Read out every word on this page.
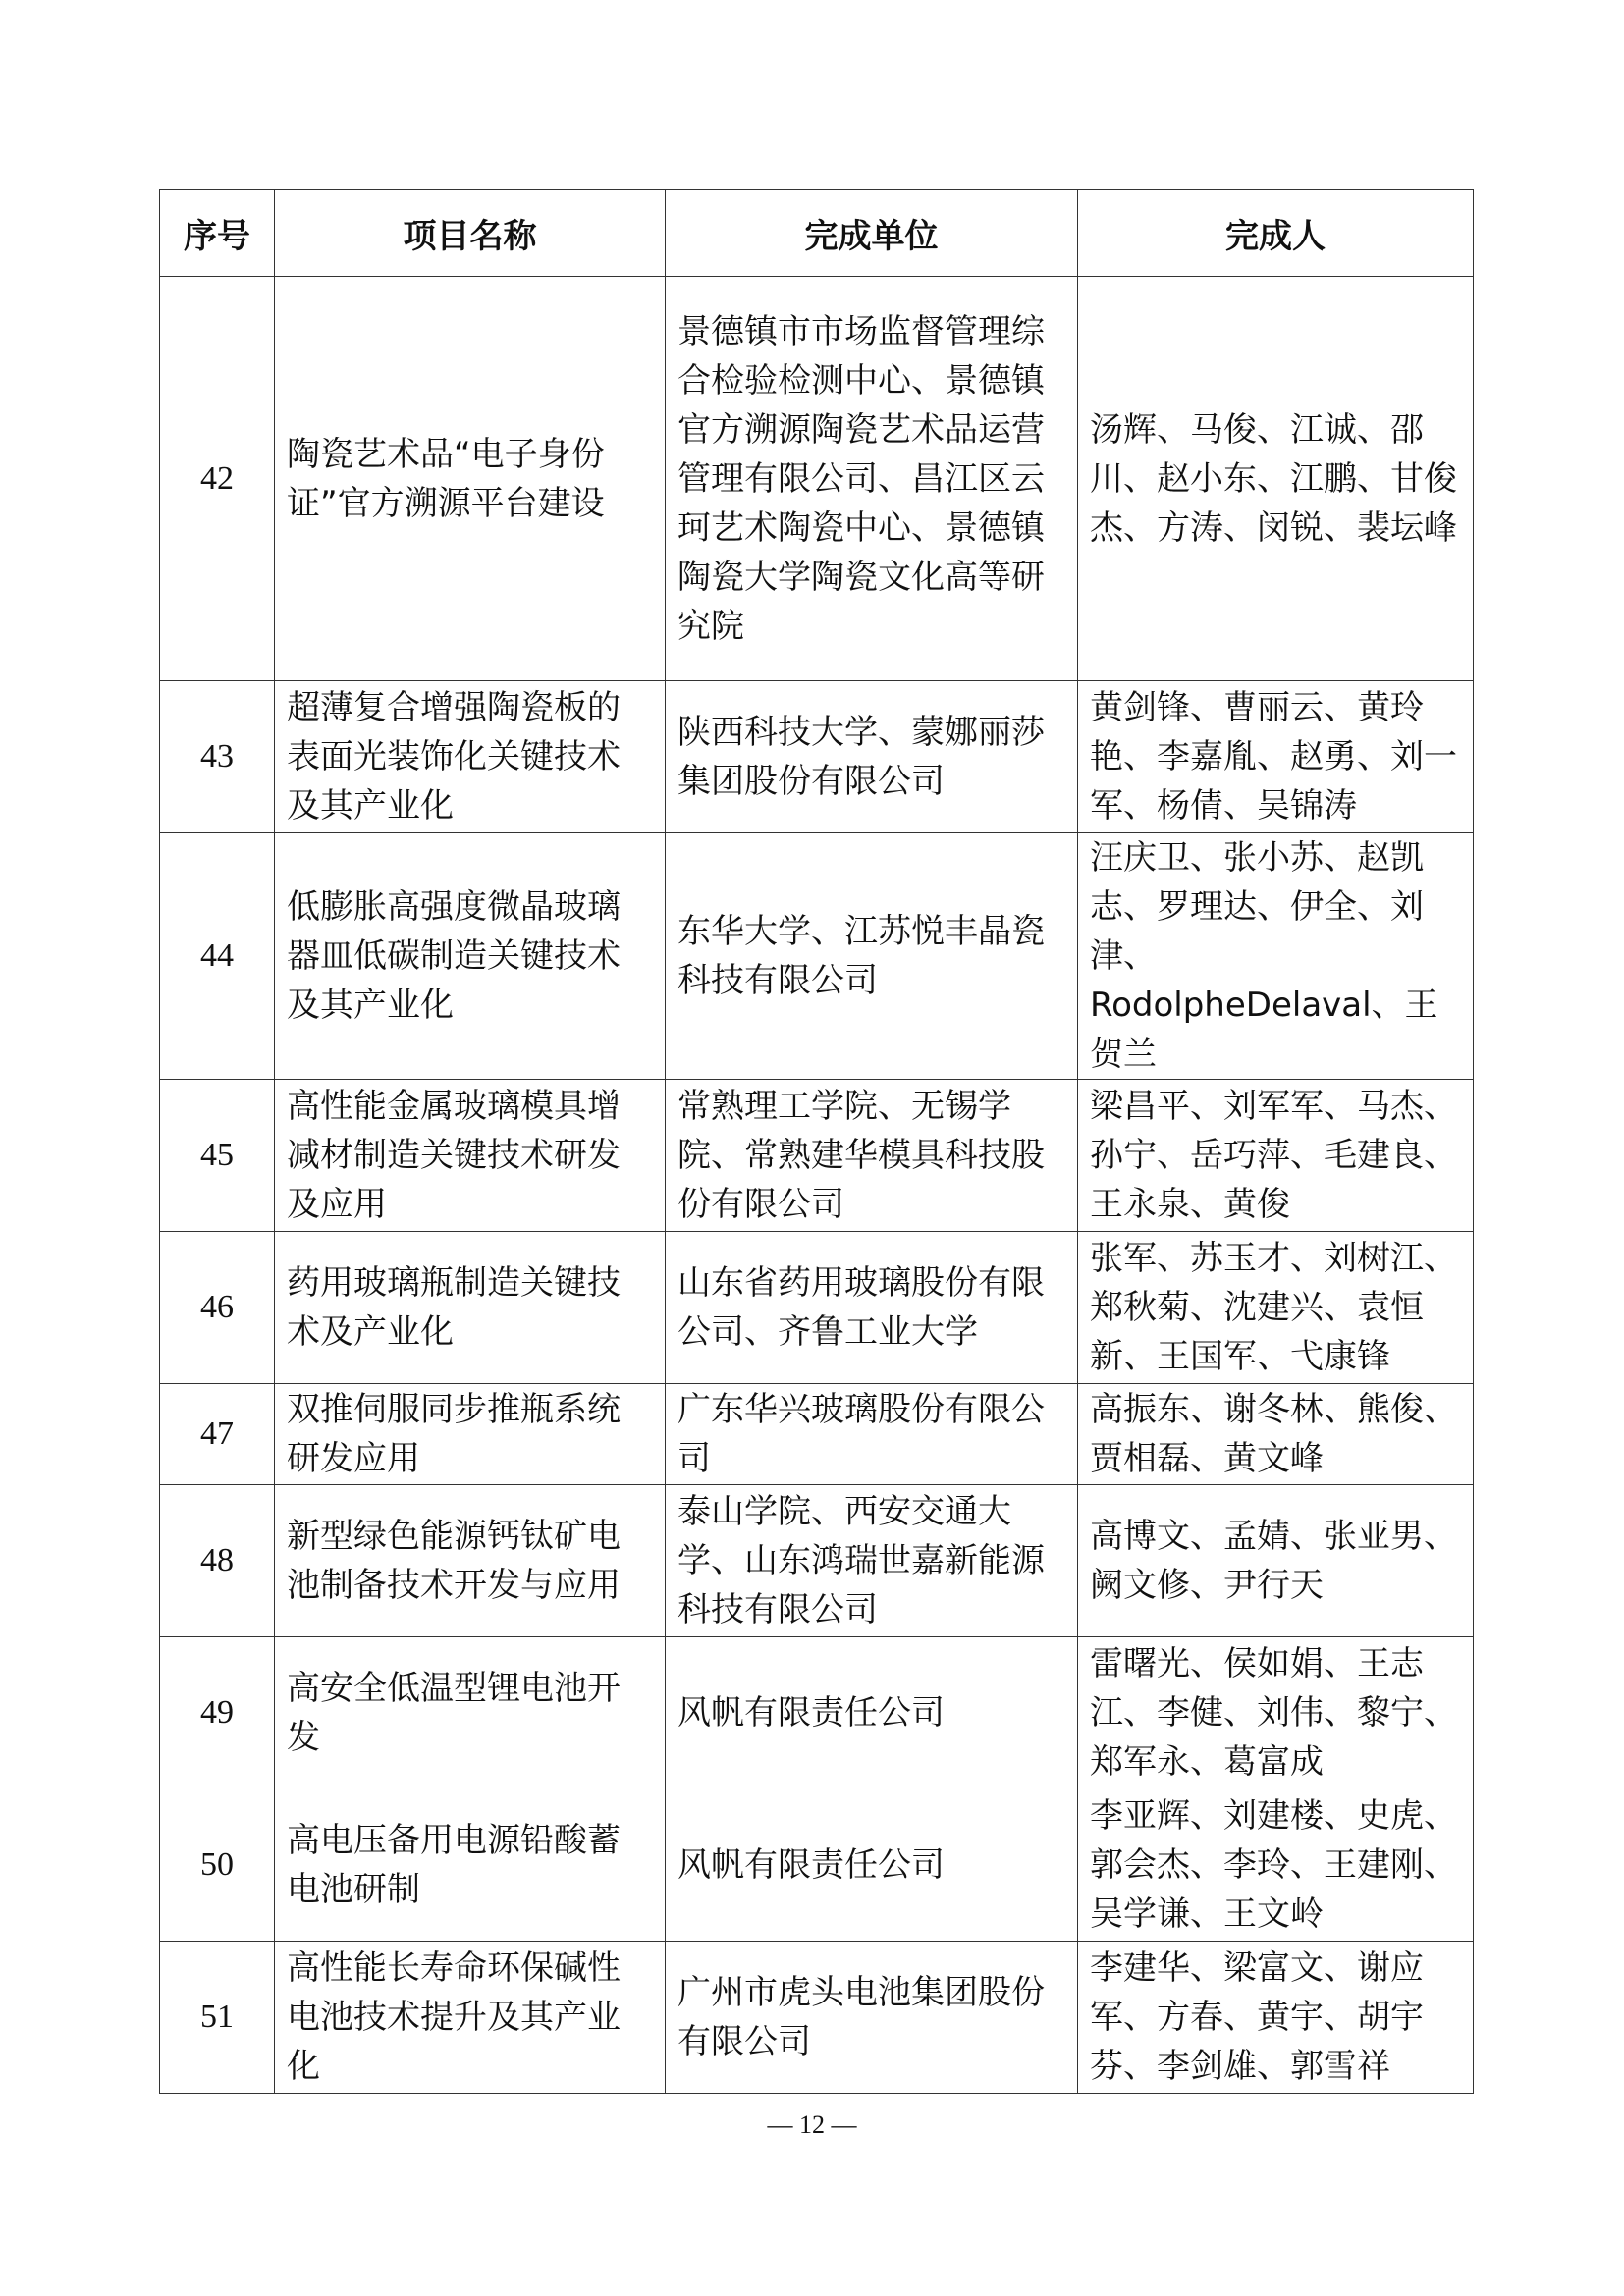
序号	项目名称	完成单位	完成人
42	陶瓷艺术品“电子身份证”官方溯源平台建设	景德镇市市场监督管理综合检验检测中心、景德镇官方溯源陶瓷艺术品运营管理有限公司、昌江区云珂艺术陶瓷中心、景德镇陶瓷大学陶瓷文化高等研究院	汤辉、马俊、江诚、邵川、赵小东、江鹏、甘俊杰、方涛、闵锐、裴坛峰
43	超薄复合增强陶瓷板的表面光装饰化关键技术及其产业化	陕西科技大学、蒙娜丽莎集团股份有限公司	黄剑锋、曹丽云、黄玲艳、李嘉胤、赵勇、刘一军、杨倩、吴锦涛
44	低膨胀高强度微晶玻璃器皿低碳制造关键技术及其产业化	东华大学、江苏悦丰晶瓷科技有限公司	汪庆卫、张小苏、赵凯志、罗理达、伊全、刘津、RodolpheDelaval、王贺兰
45	高性能金属玻璃模具增减材制造关键技术研发及应用	常熟理工学院、无锡学院、常熟建华模具科技股份有限公司	梁昌平、刘军军、马杰、孙宁、岳巧萍、毛建良、王永泉、黄俊
46	药用玻璃瓶制造关键技术及产业化	山东省药用玻璃股份有限公司、齐鲁工业大学	张军、苏玉才、刘树江、郑秋菊、沈建兴、袁恒新、王国军、弋康锋
47	双推伺服同步推瓶系统研发应用	广东华兴玻璃股份有限公司	高振东、谢冬林、熊俊、贾相磊、黄文峰
48	新型绿色能源钙钛矿电池制备技术开发与应用	泰山学院、西安交通大学、山东鸿瑞世嘉新能源科技有限公司	高博文、孟婧、张亚男、阙文修、尹行天
49	高安全低温型锂电池开发	风帆有限责任公司	雷曙光、侯如娟、王志江、李健、刘伟、黎宁、郑军永、葛富成
50	高电压备用电源铅酸蓄电池研制	风帆有限责任公司	李亚辉、刘建楼、史虎、郭会杰、李玲、王建刚、吴学谦、王文岭
51	高性能长寿命环保碱性电池技术提升及其产业化	广州市虎头电池集团股份有限公司	李建华、梁富文、谢应军、方春、黄宇、胡宇芬、李剑雄、郭雪祥
— 12 —
